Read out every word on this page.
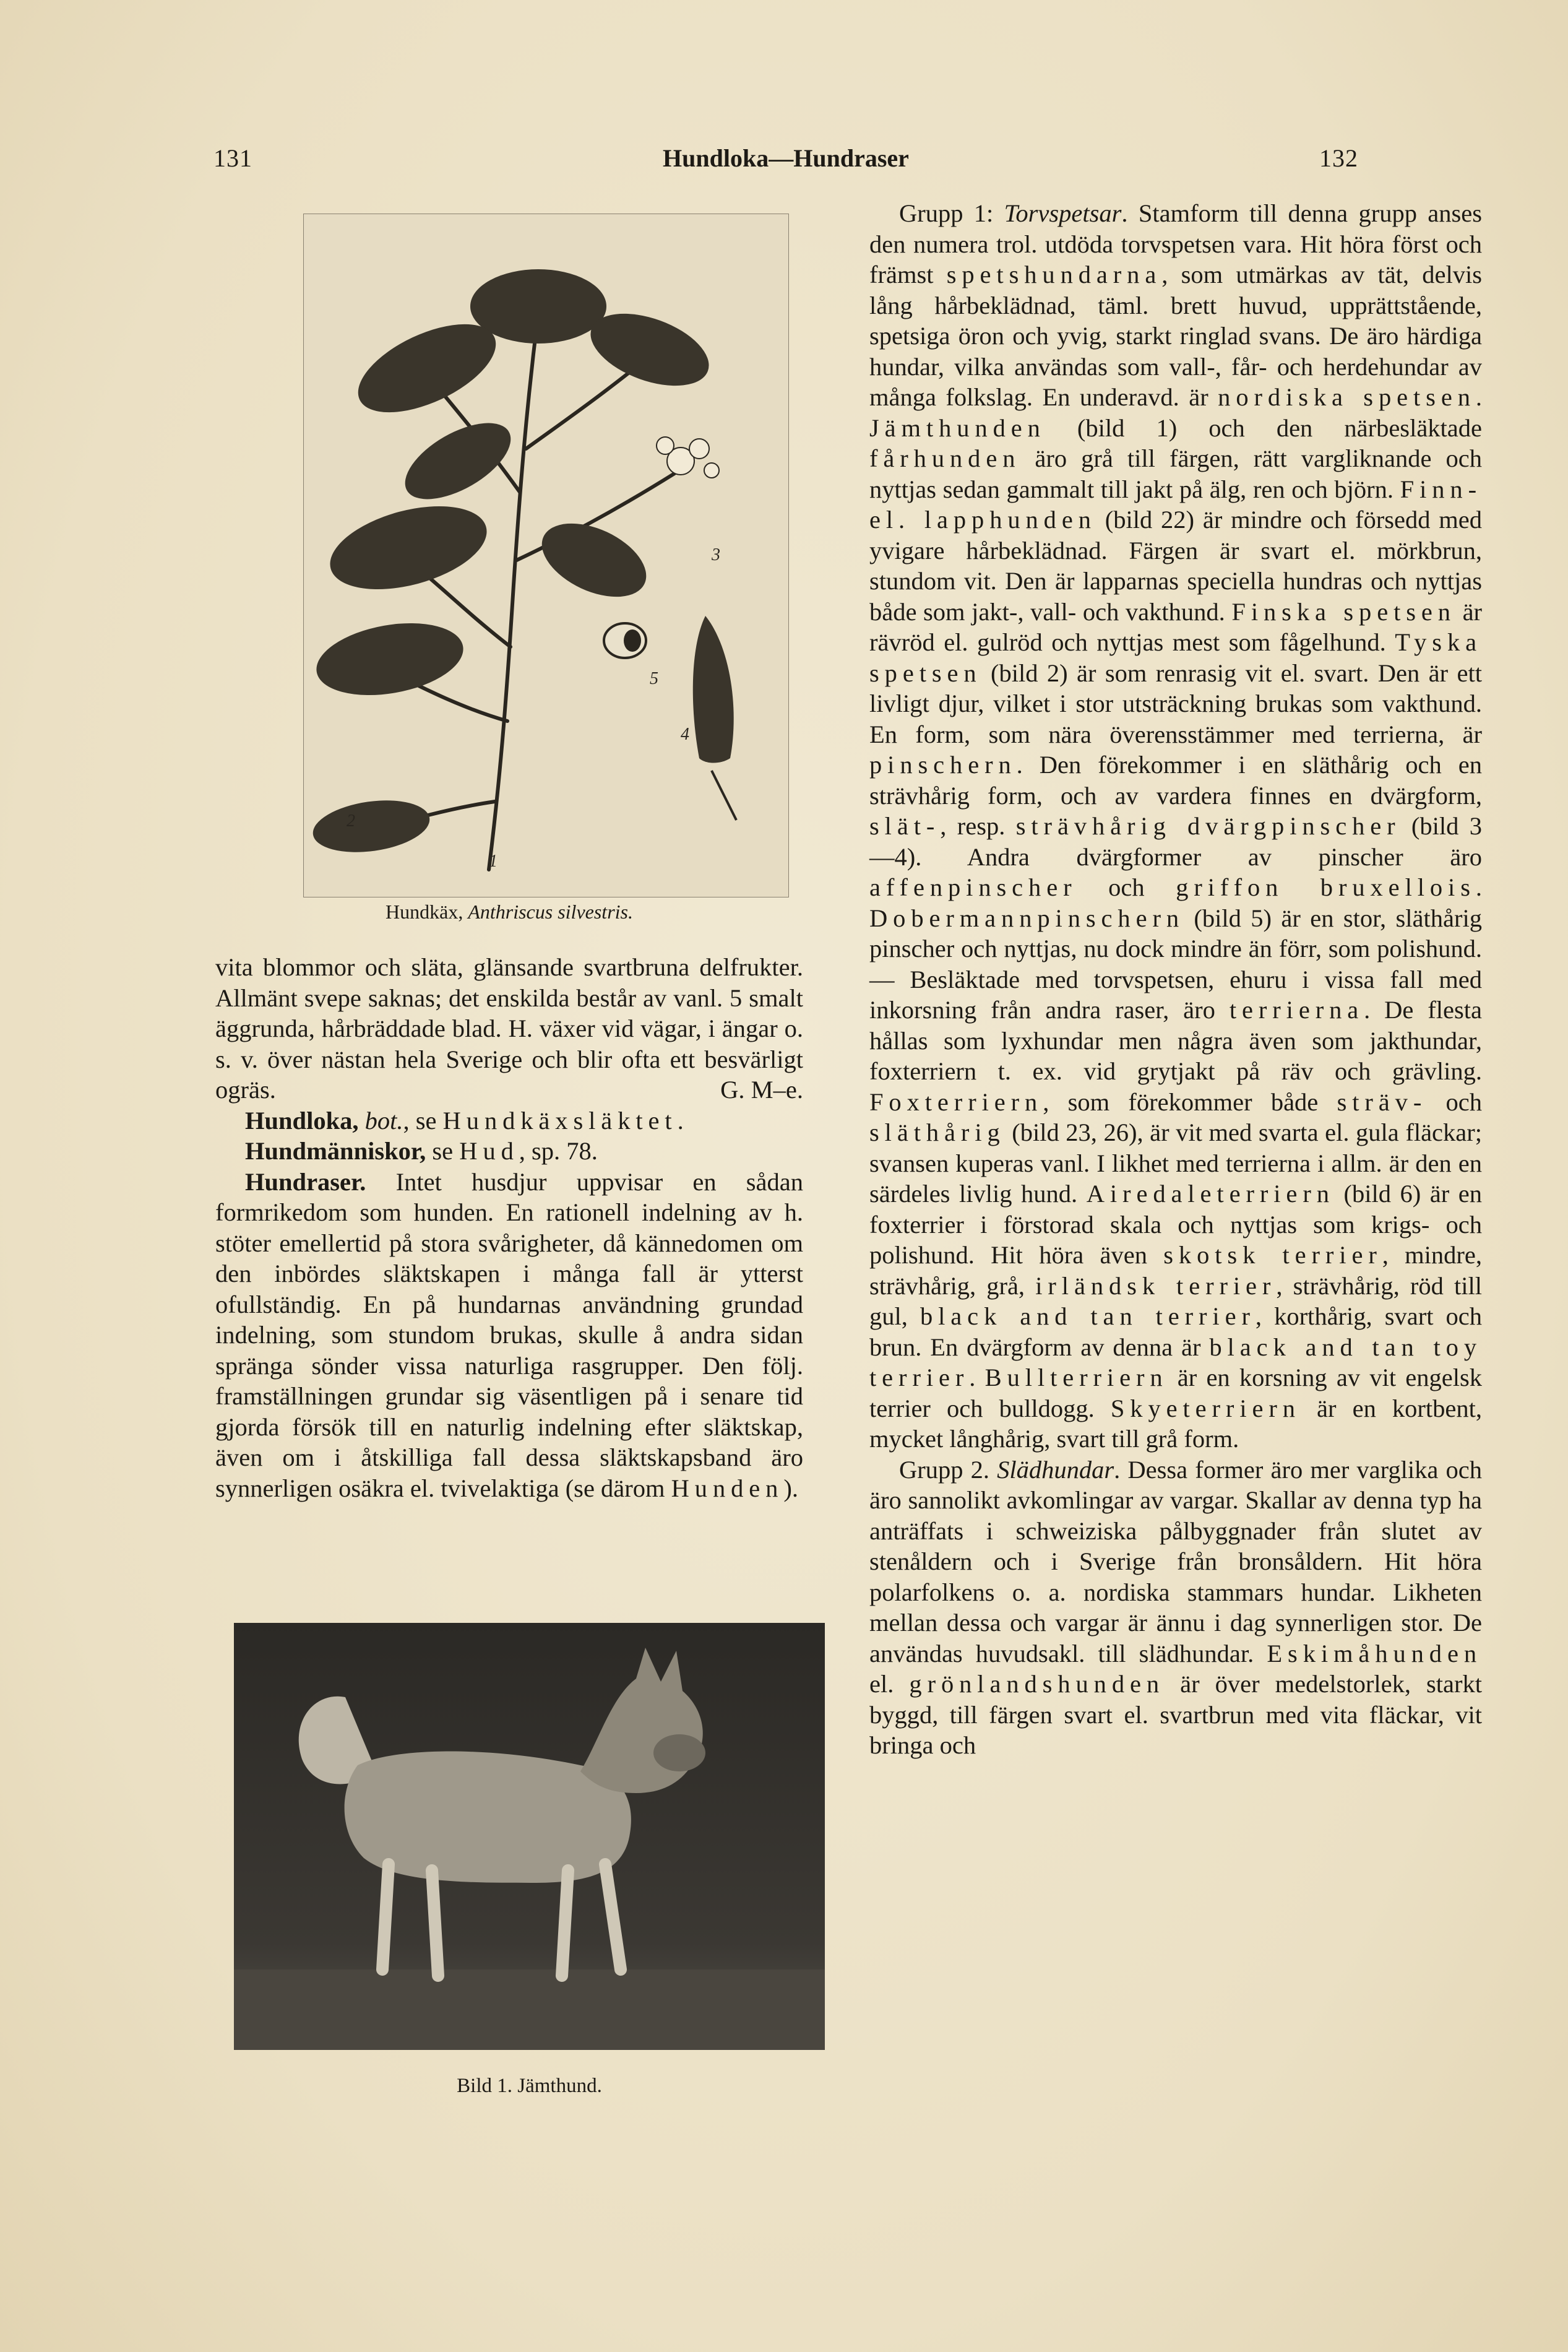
131	Hundloka—Hundraser	132
3
5
4
2
1
Hundkäx, Anthriscus silvestris.

vita blommor och släta, glänsande svartbruna delfrukter. Allmänt svepe saknas; det enskilda består av vanl. 5 smalt äggrunda, hårbräddade blad. H. växer vid vägar, i ängar o. s. v. över nästan hela Sverige och blir ofta ett besvärligt ogräs.	G. M–e.

Hundloka, bot., se Hundkäxsläktet.

Hundmänniskor, se Hud, sp. 78.

Hundraser. Intet husdjur uppvisar en sådan formrikedom som hunden. En rationell indelning av h. stöter emellertid på stora svårigheter, då kännedomen om den inbördes släktskapen i många fall är ytterst ofullständig. En på hundarnas användning grundad indelning, som stundom brukas, skulle å andra sidan spränga sönder vissa naturliga rasgrupper. Den följ. framställningen grundar sig väsentligen på i senare tid gjorda försök till en naturlig indelning efter släktskap, även om i åtskilliga fall dessa släktskapsband äro synnerligen osäkra el. tvivelaktiga (se därom Hunden).

Bild 1. Jämthund.

Grupp 1: Torvspetsar. Stamform till denna grupp anses den numera trol. utdöda torvspetsen vara. Hit höra först och främst spetshundarna, som utmärkas av tät, delvis lång hårbeklädnad, täml. brett huvud, upprättstående, spetsiga öron och yvig, starkt ringlad svans. De äro härdiga hundar, vilka användas som vall-, får- och herdehundar av många folkslag. En underavd. är nordiska spetsen. Jämthunden (bild 1) och den närbesläktade fårhunden äro grå till färgen, rätt vargliknande och nyttjas sedan gammalt till jakt på älg, ren och björn. Finn- el. lapphunden (bild 22) är mindre och försedd med yvigare hårbeklädnad. Färgen är svart el. mörkbrun, stundom vit. Den är lapparnas speciella hundras och nyttjas både som jakt-, vall- och vakthund. Finska spetsen är rävröd el. gulröd och nyttjas mest som fågelhund. Tyska spetsen (bild 2) är som renrasig vit el. svart. Den är ett livligt djur, vilket i stor utsträckning brukas som vakthund. En form, som nära överensstämmer med terrierna, är pinschern. Den förekommer i en släthårig och en strävhårig form, och av vardera finnes en dvärgform, slät-, resp. strävhårig dvärgpinscher (bild 3—4). Andra dvärgformer av pinscher äro affenpinscher och griffon bruxellois. Dobermannpinschern (bild 5) är en stor, släthårig pinscher och nyttjas, nu dock mindre än förr, som polishund. — Besläktade med torvspetsen, ehuru i vissa fall med inkorsning från andra raser, äro terrierna. De flesta hållas som lyxhundar men några även som jakthundar, foxterriern t. ex. vid grytjakt på räv och grävling. Foxterriern, som förekommer både sträv- och släthårig (bild 23, 26), är vit med svarta el. gula fläckar; svansen kuperas vanl. I likhet med terrierna i allm. är den en särdeles livlig hund. Airedaleterriern (bild 6) är en foxterrier i förstorad skala och nyttjas som krigs- och polishund. Hit höra även skotsk terrier, mindre, strävhårig, grå, irländsk terrier, strävhårig, röd till gul, black and tan terrier, korthårig, svart och brun. En dvärgform av denna är black and tan toy terrier. Bullterriern är en korsning av vit engelsk terrier och bulldogg. Skyeterriern är en kortbent, mycket långhårig, svart till grå form.

Grupp 2. Slädhundar. Dessa former äro mer varglika och äro sannolikt avkomlingar av vargar. Skallar av denna typ ha anträffats i schweiziska pålbyggnader från slutet av stenåldern och i Sverige från bronsåldern. Hit höra polarfolkens o. a. nordiska stammars hundar. Likheten mellan dessa och vargar är ännu i dag synnerligen stor. De användas huvudsakl. till slädhundar. Eskimåhunden el. grönlandshunden är över medelstorlek, starkt byggd, till färgen svart el. svartbrun med vita fläckar, vit bringa och
